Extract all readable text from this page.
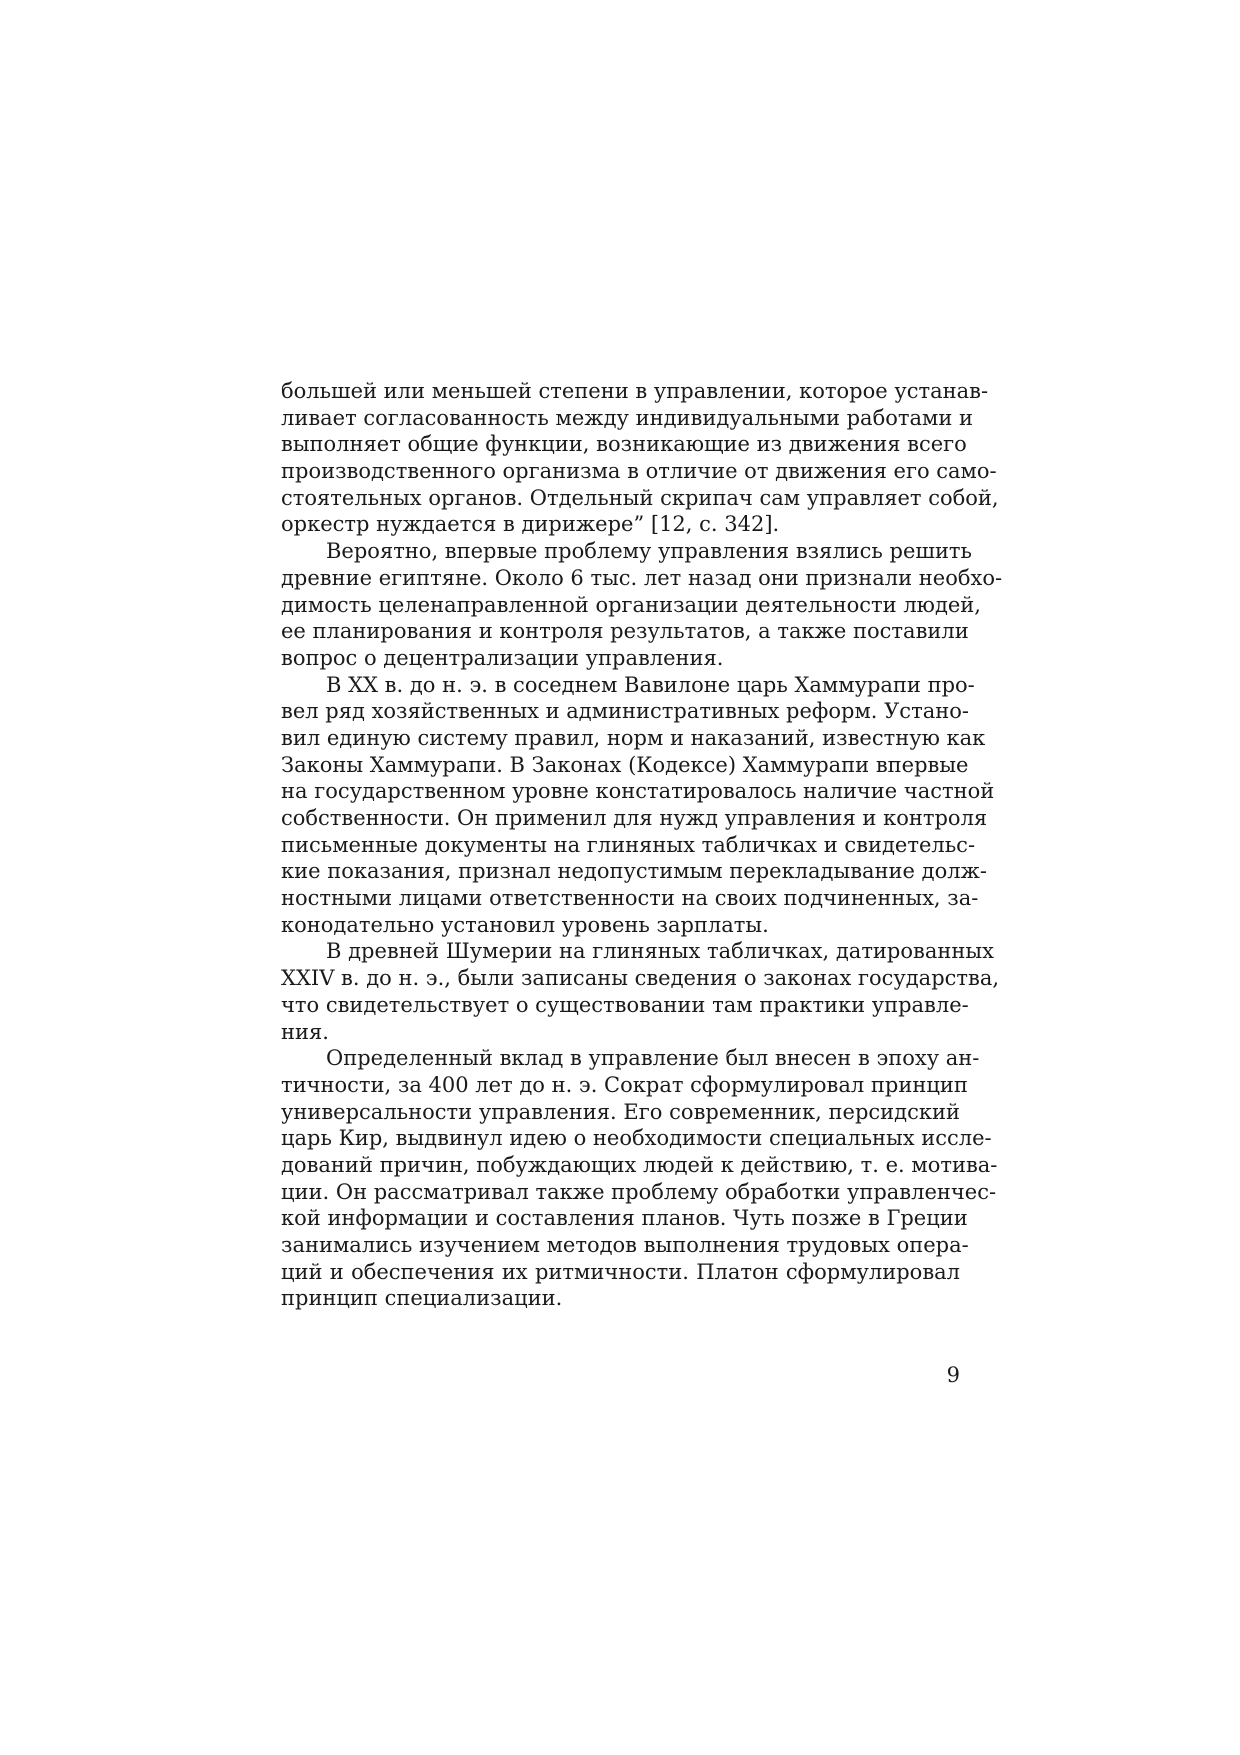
большей или меньшей степени в управлении, которое устанав-
ливает согласованность между индивидуальными работами и
выполняет общие функции, возникающие из движения всего
производственного организма в отличие от движения его само-
стоятельных органов. Отдельный скрипач сам управляет собой,
оркестр нуждается в дирижере” [12, с. 342].
Вероятно, впервые проблему управления взялись решить
древние египтяне. Около 6 тыс. лет назад они признали необхо-
димость целенаправленной организации деятельности людей,
ее планирования и контроля результатов, а также поставили
вопрос о децентрализации управления.
В XX в. до н. э. в соседнем Вавилоне царь Хаммурапи про-
вел ряд хозяйственных и административных реформ. Устано-
вил единую систему правил, норм и наказаний, известную как
Законы Хаммурапи. В Законах (Кодексе) Хаммурапи впервые
на государственном уровне констатировалось наличие частной
собственности. Он применил для нужд управления и контроля
письменные документы на глиняных табличках и свидетельс-
кие показания, признал недопустимым перекладывание долж-
ностными лицами ответственности на своих подчиненных, за-
конодательно установил уровень зарплаты.
В древней Шумерии на глиняных табличках, датированных
XXIV в. до н. э., были записаны сведения о законах государства,
что свидетельствует о существовании там практики управле-
ния.
Определенный вклад в управление был внесен в эпоху ан-
тичности, за 400 лет до н. э. Сократ сформулировал принцип
универсальности управления. Его современник, персидский
царь Кир, выдвинул идею о необходимости специальных иссле-
дований причин, побуждающих людей к действию, т. е. мотива-
ции. Он рассматривал также проблему обработки управленчес-
кой информации и составления планов. Чуть позже в Греции
занимались изучением методов выполнения трудовых опера-
ций и обеспечения их ритмичности. Платон сформулировал
принцип специализации.
9
